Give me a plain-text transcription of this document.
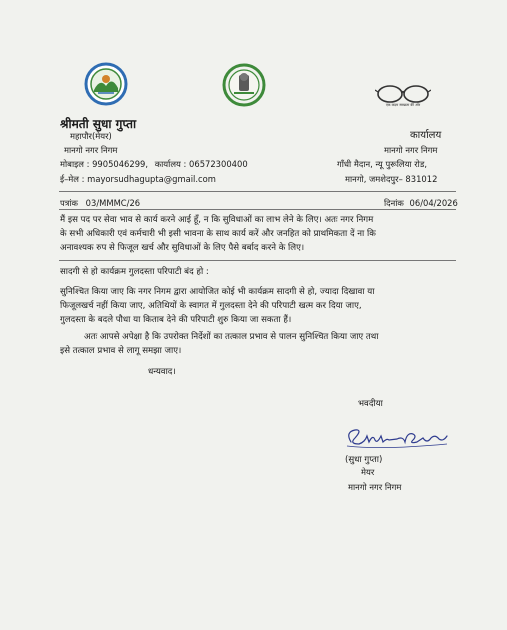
एक कदम स्वच्छता की ओर
श्रीमती सुधा गुप्ता
महापौर(मेयर)
मानगो नगर निगम
मोबाइल : 9905046299, कार्यालय : 06572300400
ई–मेल : mayorsudhagupta@gmail.com
कार्यालय
मानगो नगर निगम
गाँधी मैदान, न्यू पुरूलिया रोड,
मानगो, जमशेदपुर– 831012
पत्रांक 03/MMMC/26	दिनांक 06/04/2026
मैं इस पद पर सेवा भाव से कार्य करने आई हूँ, न कि सुविधाओं का लाभ लेने के लिए। अतः नगर निगम
के सभी अधिकारी एवं कर्मचारी भी इसी भावना के साथ कार्य करें और जनहित को प्राथमिकता दें ना कि
अनावश्यक रुप से फिजूल खर्च और सुविधाओं के लिए पैसे बर्बाद करने के लिए।
सादगी से हो कार्यक्रम गुलदस्ता परिपाटी बंद हो :
सुनिश्चित किया जाए कि नगर निगम द्वारा आयोजित कोई भी कार्यक्रम सादगी से हो, ज्यादा दिखावा या
फिजूलखर्च नहीं किया जाए, अतिथियों के स्वागत में गुलदस्ता देने की परिपाटी खत्म कर दिया जाए,
गुलदस्ता के बदले पौधा या किताब देने की परिपाटी शुरु किया जा सकता हैं।
अतः आपसे अपेक्षा है कि उपरोक्त निर्देशों का तत्काल प्रभाव से पालन सुनिश्चित किया जाए तथा
इसे तत्काल प्रभाव से लागू समझा जाए।
धन्यवाद।
भवदीया
(सुधा गुप्ता)
मेयर
मानगो नगर निगम
